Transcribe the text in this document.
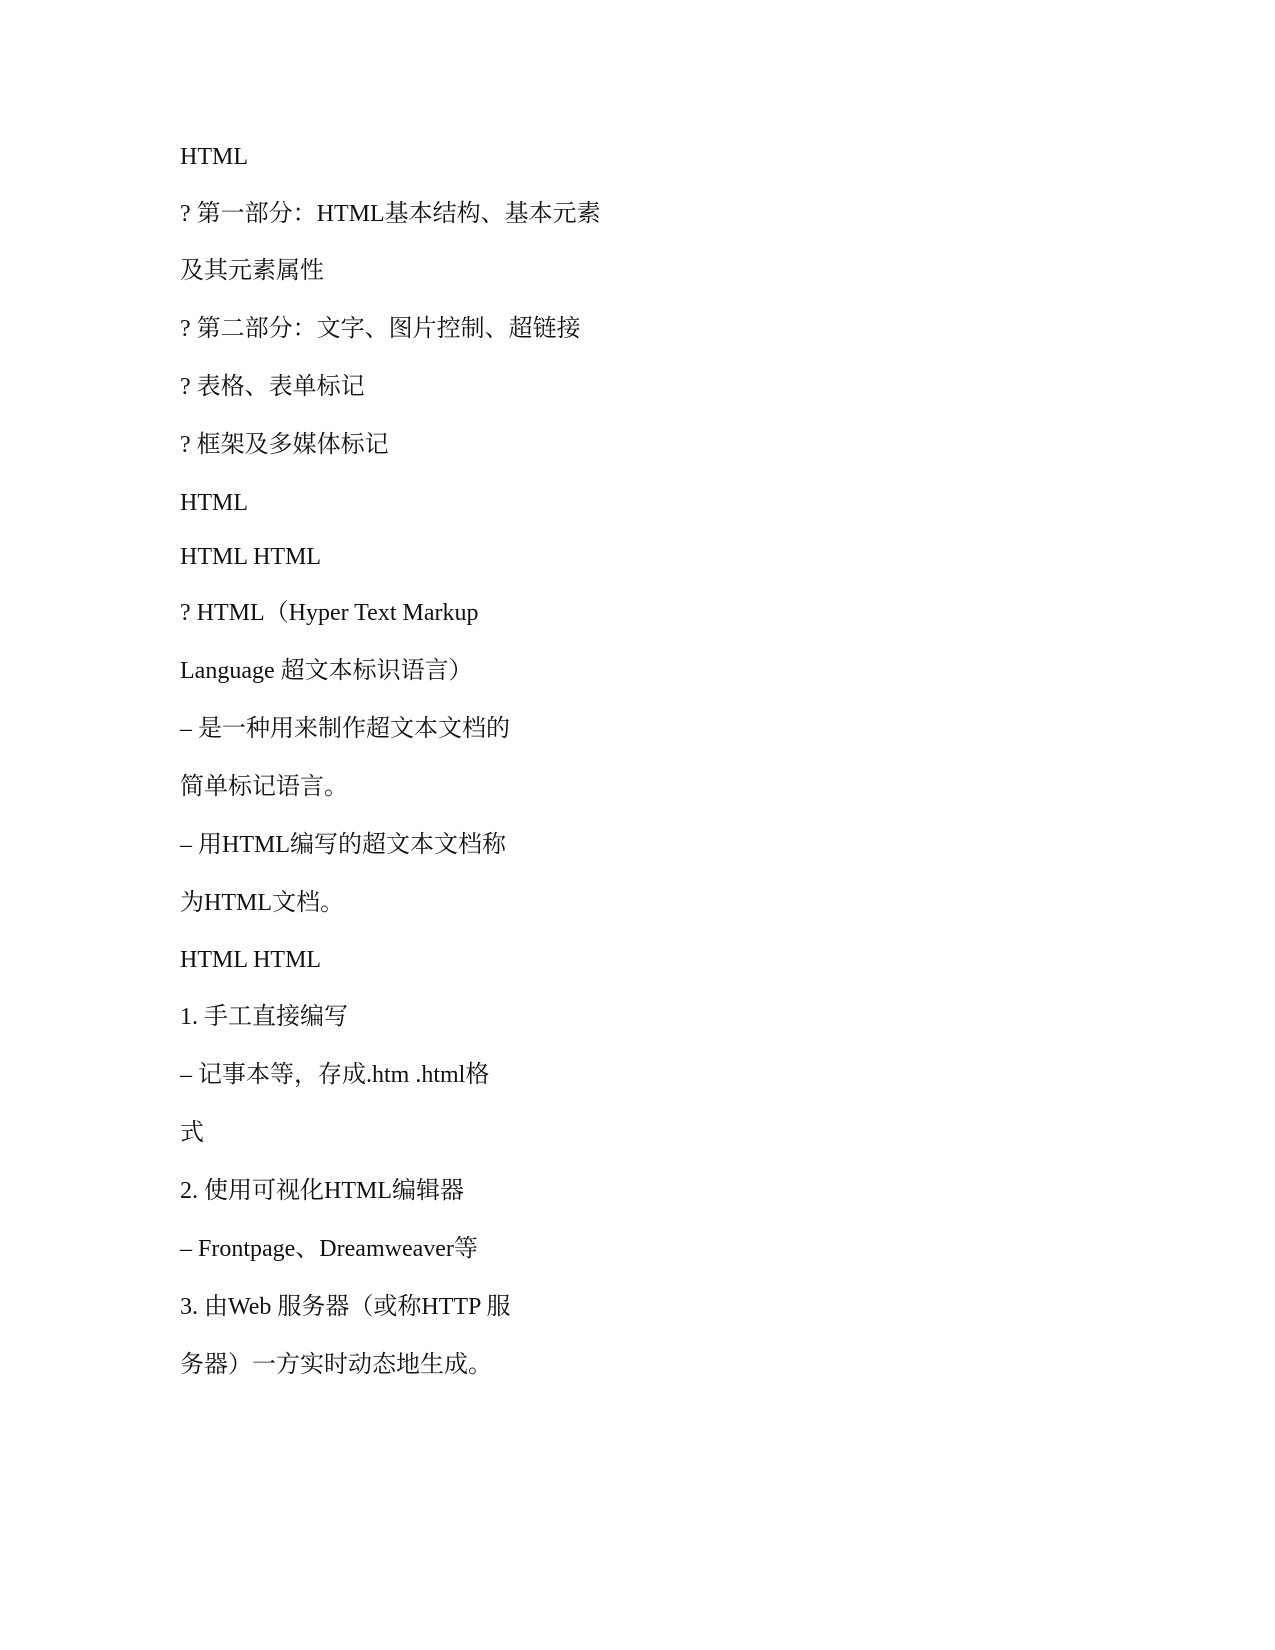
HTML
? 第一部分：HTML基本结构、基本元素
及其元素属性
? 第二部分：文字、图片控制、超链接
? 表格、表单标记
? 框架及多媒体标记
HTML
HTML HTML
? HTML（Hyper Text Markup
Language 超文本标识语言）
– 是一种用来制作超文本文档的
简单标记语言。
– 用HTML编写的超文本文档称
为HTML文档。
HTML HTML
1. 手工直接编写
– 记事本等，存成.htm .html格
式
2. 使用可视化HTML编辑器
– Frontpage、Dreamweaver等
3. 由Web 服务器（或称HTTP 服
务器）一方实时动态地生成。
